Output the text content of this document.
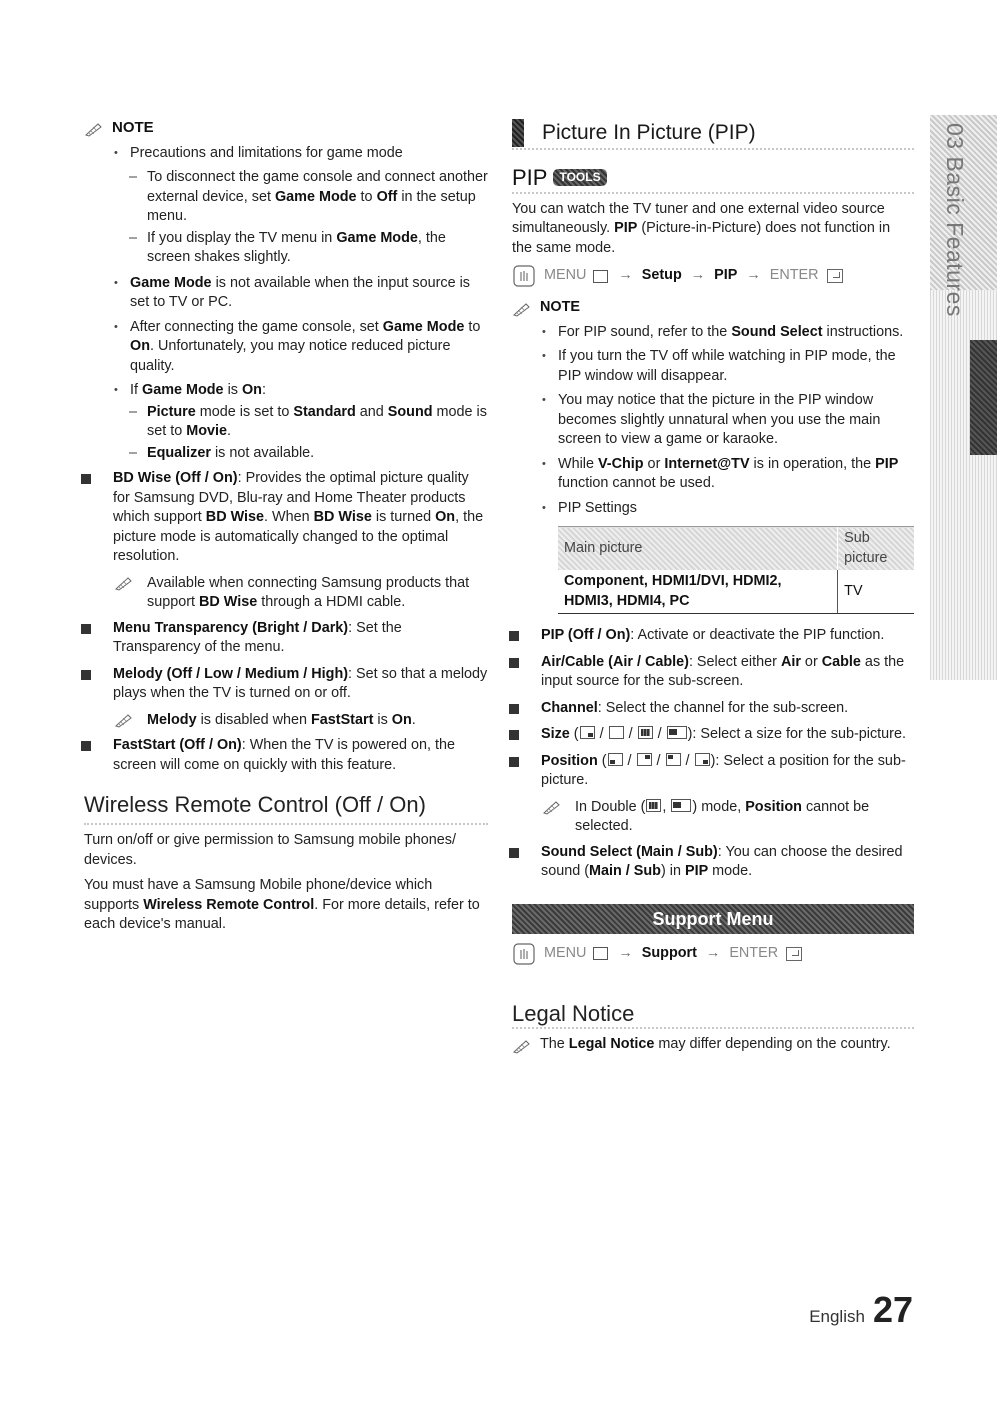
NOTE
• Precautions and limitations for game mode
– To disconnect the game console and connect another external device, set Game Mode to Off in the setup menu.
– If you display the TV menu in Game Mode, the screen shakes slightly.
• Game Mode is not available when the input source is set to TV or PC.
• After connecting the game console, set Game Mode to On. Unfortunately, you may notice reduced picture quality.
• If Game Mode is On:
– Picture mode is set to Standard and Sound mode is set to Movie.
– Equalizer is not available.
BD Wise (Off / On): Provides the optimal picture quality for Samsung DVD, Blu-ray and Home Theater products which support BD Wise. When BD Wise is turned On, the picture mode is automatically changed to the optimal resolution.
Available when connecting Samsung products that support BD Wise through a HDMI cable.
Menu Transparency (Bright / Dark): Set the Transparency of the menu.
Melody (Off / Low / Medium / High): Set so that a melody plays when the TV is turned on or off.
Melody is disabled when FastStart is On.
FastStart (Off / On): When the TV is powered on, the screen will come on quickly with this feature.
Wireless Remote Control (Off / On)
Turn on/off or give permission to Samsung mobile phones/ devices.
You must have a Samsung Mobile phone/device which supports Wireless Remote Control. For more details, refer to each device's manual.
Picture In Picture (PIP)
PIP	TOOLS
You can watch the TV tuner and one external video source simultaneously. PIP (Picture-in-Picture) does not function in the same mode.
MENU → Setup → PIP → ENTER
NOTE
• For PIP sound, refer to the Sound Select instructions.
• If you turn the TV off while watching in PIP mode, the PIP window will disappear.
• You may notice that the picture in the PIP window becomes slightly unnatural when you use the main screen to view a game or karaoke.
• While V-Chip or Internet@TV is in operation, the PIP function cannot be used.
• PIP Settings
Main picture	Sub picture
Component, HDMI1/DVI, HDMI2, HDMI3, HDMI4, PC	TV
PIP (Off / On): Activate or deactivate the PIP function.
Air/Cable (Air / Cable): Select either Air or Cable as the input source for the sub-screen.
Channel: Select the channel for the sub-screen.
Size ( /  /  / ): Select a size for the sub-picture.
Position ( /  /  / ): Select a position for the sub-picture.
In Double ( , ) mode, Position cannot be selected.
Sound Select (Main / Sub): You can choose the desired sound (Main / Sub) in PIP mode.
Support Menu
MENU → Support → ENTER
Legal Notice
The Legal Notice may differ depending on the country.
03 Basic Features
English 27
